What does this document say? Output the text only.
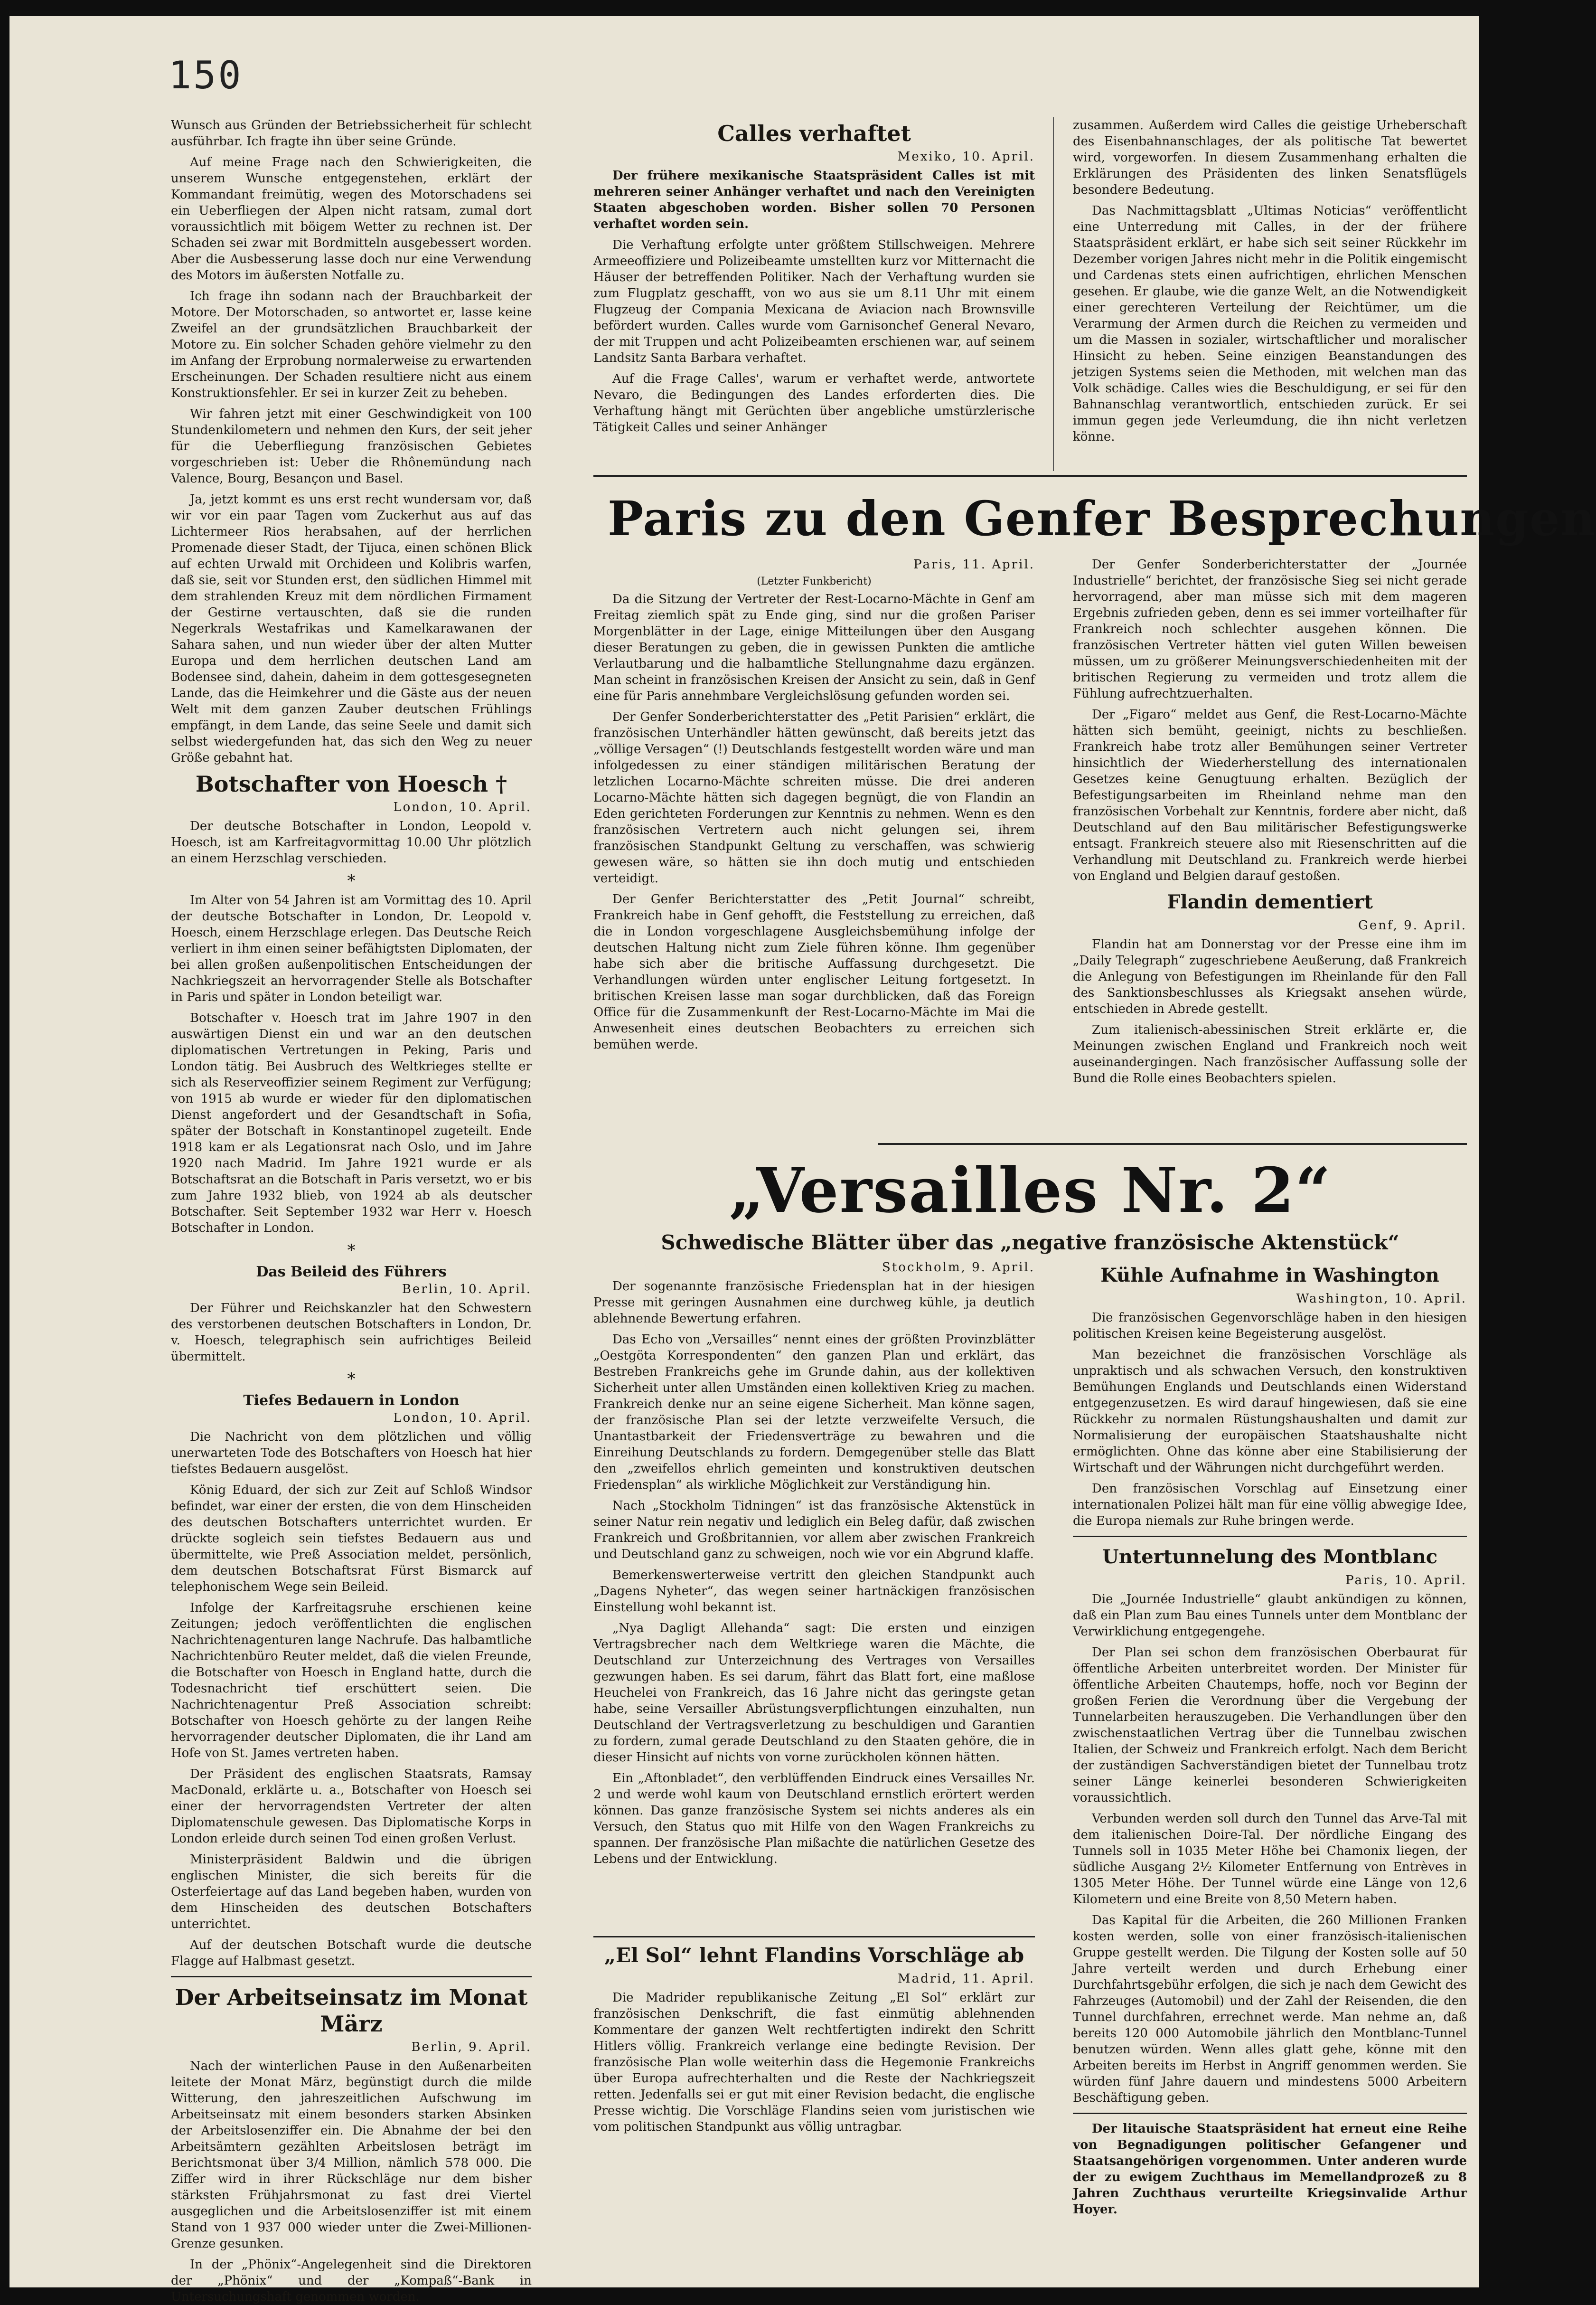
150

Wunsch aus Gründen der Betriebssicherheit für schlecht ausführbar. Ich fragte ihn über seine Gründe.

Auf meine Frage nach den Schwierigkeiten, die unserem Wunsche entgegenstehen, erklärt der Kommandant freimütig, wegen des Motorschadens sei ein Ueberfliegen der Alpen nicht ratsam, zumal dort voraussichtlich mit böigem Wetter zu rechnen ist. Der Schaden sei zwar mit Bordmitteln ausgebessert worden. Aber die Ausbesserung lasse doch nur eine Verwendung des Motors im äußersten Notfalle zu.

Ich frage ihn sodann nach der Brauchbarkeit der Motore. Der Motorschaden, so antwortet er, lasse keine Zweifel an der grundsätzlichen Brauchbarkeit der Motore zu. Ein solcher Schaden gehöre vielmehr zu den im Anfang der Erprobung normalerweise zu erwartenden Erscheinungen. Der Schaden resultiere nicht aus einem Konstruktionsfehler. Er sei in kurzer Zeit zu beheben.

Wir fahren jetzt mit einer Geschwindigkeit von 100 Stundenkilometern und nehmen den Kurs, der seit jeher für die Ueberfliegung französischen Gebietes vorgeschrieben ist: Ueber die Rhônemündung nach Valence, Bourg, Besançon und Basel.

Ja, jetzt kommt es uns erst recht wundersam vor, daß wir vor ein paar Tagen vom Zuckerhut aus auf das Lichtermeer Rios herabsahen, auf der herrlichen Promenade dieser Stadt, der Tijuca, einen schönen Blick auf echten Urwald mit Orchideen und Kolibris warfen, daß sie, seit vor Stunden erst, den südlichen Himmel mit dem strahlenden Kreuz mit dem nördlichen Firmament der Gestirne vertauschten, daß sie die runden Negerkrals Westafrikas und Kamelkarawanen der Sahara sahen, und nun wieder über der alten Mutter Europa und dem herrlichen deutschen Land am Bodensee sind, dahein, daheim in dem gottesgesegneten Lande, das die Heimkehrer und die Gäste aus der neuen Welt mit dem ganzen Zauber deutschen Frühlings empfängt, in dem Lande, das seine Seele und damit sich selbst wiedergefunden hat, das sich den Weg zu neuer Größe gebahnt hat.

Botschafter von Hoesch †
London, 10. April.

Der deutsche Botschafter in London, Leopold v. Hoesch, ist am Karfreitagvormittag 10.00 Uhr plötzlich an einem Herzschlag verschieden.

*

Im Alter von 54 Jahren ist am Vormittag des 10. April der deutsche Botschafter in London, Dr. Leopold v. Hoesch, einem Herzschlage erlegen. Das Deutsche Reich verliert in ihm einen seiner befähigtsten Diplomaten, der bei allen großen außenpolitischen Entscheidungen der Nachkriegszeit an hervorragender Stelle als Botschafter in Paris und später in London beteiligt war.

Botschafter v. Hoesch trat im Jahre 1907 in den auswärtigen Dienst ein und war an den deutschen diplomatischen Vertretungen in Peking, Paris und London tätig. Bei Ausbruch des Weltkrieges stellte er sich als Reserveoffizier seinem Regiment zur Verfügung; von 1915 ab wurde er wieder für den diplomatischen Dienst angefordert und der Gesandtschaft in Sofia, später der Botschaft in Konstantinopel zugeteilt. Ende 1918 kam er als Legationsrat nach Oslo, und im Jahre 1920 nach Madrid. Im Jahre 1921 wurde er als Botschaftsrat an die Botschaft in Paris versetzt, wo er bis zum Jahre 1932 blieb, von 1924 ab als deutscher Botschafter. Seit September 1932 war Herr v. Hoesch Botschafter in London.

*
Das Beileid des Führers
Berlin, 10. April.

Der Führer und Reichskanzler hat den Schwestern des verstorbenen deutschen Botschafters in London, Dr. v. Hoesch, telegraphisch sein aufrichtiges Beileid übermittelt.

*
Tiefes Bedauern in London
London, 10. April.

Die Nachricht von dem plötzlichen und völlig unerwarteten Tode des Botschafters von Hoesch hat hier tiefstes Bedauern ausgelöst.

König Eduard, der sich zur Zeit auf Schloß Windsor befindet, war einer der ersten, die von dem Hinscheiden des deutschen Botschafters unterrichtet wurden. Er drückte sogleich sein tiefstes Bedauern aus und übermittelte, wie Preß Association meldet, persönlich, dem deutschen Botschaftsrat Fürst Bismarck auf telephonischem Wege sein Beileid.

Infolge der Karfreitagsruhe erschienen keine Zeitungen; jedoch veröffentlichten die englischen Nachrichtenagenturen lange Nachrufe. Das halbamtliche Nachrichtenbüro Reuter meldet, daß die vielen Freunde, die Botschafter von Hoesch in England hatte, durch die Todesnachricht tief erschüttert seien. Die Nachrichtenagentur Preß Association schreibt: Botschafter von Hoesch gehörte zu der langen Reihe hervorragender deutscher Diplomaten, die ihr Land am Hofe von St. James vertreten haben.

Der Präsident des englischen Staatsrats, Ramsay MacDonald, erklärte u. a., Botschafter von Hoesch sei einer der hervorragendsten Vertreter der alten Diplomatenschule gewesen. Das Diplomatische Korps in London erleide durch seinen Tod einen großen Verlust.

Ministerpräsident Baldwin und die übrigen englischen Minister, die sich bereits für die Osterfeiertage auf das Land begeben haben, wurden von dem Hinscheiden des deutschen Botschafters unterrichtet.

Auf der deutschen Botschaft wurde die deutsche Flagge auf Halbmast gesetzt.

Der Arbeitseinsatz im Monat März
Berlin, 9. April.

Nach der winterlichen Pause in den Außenarbeiten leitete der Monat März, begünstigt durch die milde Witterung, den jahreszeitlichen Aufschwung im Arbeitseinsatz mit einem besonders starken Absinken der Arbeitslosenziffer ein. Die Abnahme der bei den Arbeitsämtern gezählten Arbeitslosen beträgt im Berichtsmonat über 3/4 Million, nämlich 578 000. Die Ziffer wird in ihrer Rückschläge nur dem bisher stärksten Frühjahrsmonat zu fast drei Viertel ausgeglichen und die Arbeitslosenziffer ist mit einem Stand von 1 937 000 wieder unter die Zwei-Millionen-Grenze gesunken.

In der „Phönix“-Angelegenheit sind die Direktoren der „Phönix“ und der „Kompaß“-Bank in Untersuchungshaft genommen worden.

Calles verhaftet
Mexiko, 10. April.

Der frühere mexikanische Staatspräsident Calles ist mit mehreren seiner Anhänger verhaftet und nach den Vereinigten Staaten abgeschoben worden. Bisher sollen 70 Personen verhaftet worden sein.

Die Verhaftung erfolgte unter größtem Stillschweigen. Mehrere Armeeoffiziere und Polizeibeamte umstellten kurz vor Mitternacht die Häuser der betreffenden Politiker. Nach der Verhaftung wurden sie zum Flugplatz geschafft, von wo aus sie um 8.11 Uhr mit einem Flugzeug der Compania Mexicana de Aviacion nach Brownsville befördert wurden. Calles wurde vom Garnisonchef General Nevaro, der mit Truppen und acht Polizeibeamten erschienen war, auf seinem Landsitz Santa Barbara verhaftet.

Auf die Frage Calles', warum er verhaftet werde, antwortete Nevaro, die Bedingungen des Landes erforderten dies. Die Verhaftung hängt mit Gerüchten über angebliche umstürzlerische Tätigkeit Calles und seiner Anhänger

zusammen. Außerdem wird Calles die geistige Urheberschaft des Eisenbahnanschlages, der als politische Tat bewertet wird, vorgeworfen. In diesem Zusammenhang erhalten die Erklärungen des Präsidenten des linken Senatsflügels besondere Bedeutung.

Das Nachmittagsblatt „Ultimas Noticias“ veröffentlicht eine Unterredung mit Calles, in der der frühere Staatspräsident erklärt, er habe sich seit seiner Rückkehr im Dezember vorigen Jahres nicht mehr in die Politik eingemischt und Cardenas stets einen aufrichtigen, ehrlichen Menschen gesehen. Er glaube, wie die ganze Welt, an die Notwendigkeit einer gerechteren Verteilung der Reichtümer, um die Verarmung der Armen durch die Reichen zu vermeiden und um die Massen in sozialer, wirtschaftlicher und moralischer Hinsicht zu heben. Seine einzigen Beanstandungen des jetzigen Systems seien die Methoden, mit welchen man das Volk schädige. Calles wies die Beschuldigung, er sei für den Bahnanschlag verantwortlich, entschieden zurück. Er sei immun gegen jede Verleumdung, die ihn nicht verletzen könne.

Paris zu den Genfer Besprechungen
Paris, 11. April.
(Letzter Funkbericht)

Da die Sitzung der Vertreter der Rest-Locarno-Mächte in Genf am Freitag ziemlich spät zu Ende ging, sind nur die großen Pariser Morgenblätter in der Lage, einige Mitteilungen über den Ausgang dieser Beratungen zu geben, die in gewissen Punkten die amtliche Verlautbarung und die halbamtliche Stellungnahme dazu ergänzen. Man scheint in französischen Kreisen der Ansicht zu sein, daß in Genf eine für Paris annehmbare Vergleichslösung gefunden worden sei.

Der Genfer Sonderberichterstatter des „Petit Parisien“ erklärt, die französischen Unterhändler hätten gewünscht, daß bereits jetzt das „völlige Versagen“ (!) Deutschlands festgestellt worden wäre und man infolgedessen zu einer ständigen militärischen Beratung der letzlichen Locarno-Mächte schreiten müsse. Die drei anderen Locarno-Mächte hätten sich dagegen begnügt, die von Flandin an Eden gerichteten Forderungen zur Kenntnis zu nehmen. Wenn es den französischen Vertretern auch nicht gelungen sei, ihrem französischen Standpunkt Geltung zu verschaffen, was schwierig gewesen wäre, so hätten sie ihn doch mutig und entschieden verteidigt.

Der Genfer Berichterstatter des „Petit Journal“ schreibt, Frankreich habe in Genf gehofft, die Feststellung zu erreichen, daß die in London vorgeschlagene Ausgleichsbemühung infolge der deutschen Haltung nicht zum Ziele führen könne. Ihm gegenüber habe sich aber die britische Auffassung durchgesetzt. Die Verhandlungen würden unter englischer Leitung fortgesetzt. In britischen Kreisen lasse man sogar durchblicken, daß das Foreign Office für die Zusammenkunft der Rest-Locarno-Mächte im Mai die Anwesenheit eines deutschen Beobachters zu erreichen sich bemühen werde.

Der Genfer Sonderberichterstatter der „Journée Industrielle“ berichtet, der französische Sieg sei nicht gerade hervorragend, aber man müsse sich mit dem mageren Ergebnis zufrieden geben, denn es sei immer vorteilhafter für Frankreich noch schlechter ausgehen können. Die französischen Vertreter hätten viel guten Willen beweisen müssen, um zu größerer Meinungsverschiedenheiten mit der britischen Regierung zu vermeiden und trotz allem die Fühlung aufrechtzuerhalten.

Der „Figaro“ meldet aus Genf, die Rest-Locarno-Mächte hätten sich bemüht, geeinigt, nichts zu beschließen. Frankreich habe trotz aller Bemühungen seiner Vertreter hinsichtlich der Wiederherstellung des internationalen Gesetzes keine Genugtuung erhalten. Bezüglich der Befestigungsarbeiten im Rheinland nehme man den französischen Vorbehalt zur Kenntnis, fordere aber nicht, daß Deutschland auf den Bau militärischer Befestigungswerke entsagt. Frankreich steuere also mit Riesenschritten auf die Verhandlung mit Deutschland zu. Frankreich werde hierbei von England und Belgien darauf gestoßen.

Flandin dementiert
Genf, 9. April.

Flandin hat am Donnerstag vor der Presse eine ihm im „Daily Telegraph“ zugeschriebene Aeußerung, daß Frankreich die Anlegung von Befestigungen im Rheinlande für den Fall des Sanktionsbeschlusses als Kriegsakt ansehen würde, entschieden in Abrede gestellt.

Zum italienisch-abessinischen Streit erklärte er, die Meinungen zwischen England und Frankreich noch weit auseinandergingen. Nach französischer Auffassung solle der Bund die Rolle eines Beobachters spielen.

„Versailles Nr. 2“
Schwedische Blätter über das „negative französische Aktenstück“
Stockholm, 9. April.

Der sogenannte französische Friedensplan hat in der hiesigen Presse mit geringen Ausnahmen eine durchweg kühle, ja deutlich ablehnende Bewertung erfahren.

Das Echo von „Versailles“ nennt eines der größten Provinzblätter „Oestgöta Korrespondenten“ den ganzen Plan und erklärt, das Bestreben Frankreichs gehe im Grunde dahin, aus der kollektiven Sicherheit unter allen Umständen einen kollektiven Krieg zu machen. Frankreich denke nur an seine eigene Sicherheit. Man könne sagen, der französische Plan sei der letzte verzweifelte Versuch, die Unantastbarkeit der Friedensverträge zu bewahren und die Einreihung Deutschlands zu fordern. Demgegenüber stelle das Blatt den „zweifellos ehrlich gemeinten und konstruktiven deutschen Friedensplan“ als wirkliche Möglichkeit zur Verständigung hin.

Nach „Stockholm Tidningen“ ist das französische Aktenstück in seiner Natur rein negativ und lediglich ein Beleg dafür, daß zwischen Frankreich und Großbritannien, vor allem aber zwischen Frankreich und Deutschland ganz zu schweigen, noch wie vor ein Abgrund klaffe.

Bemerkenswerterweise vertritt den gleichen Standpunkt auch „Dagens Nyheter“, das wegen seiner hartnäckigen französischen Einstellung wohl bekannt ist.

„Nya Dagligt Allehanda“ sagt: Die ersten und einzigen Vertragsbrecher nach dem Weltkriege waren die Mächte, die Deutschland zur Unterzeichnung des Vertrages von Versailles gezwungen haben. Es sei darum, fährt das Blatt fort, eine maßlose Heuchelei von Frankreich, das 16 Jahre nicht das geringste getan habe, seine Versailler Abrüstungsverpflichtungen einzuhalten, nun Deutschland der Vertragsverletzung zu beschuldigen und Garantien zu fordern, zumal gerade Deutschland zu den Staaten gehöre, die in dieser Hinsicht auf nichts von vorne zurückholen können hätten.

Ein „Aftonbladet“, den verblüffenden Eindruck eines Versailles Nr. 2 und werde wohl kaum von Deutschland ernstlich erörtert werden können. Das ganze französische System sei nichts anderes als ein Versuch, den Status quo mit Hilfe von den Wagen Frankreichs zu spannen. Der französische Plan mißachte die natürlichen Gesetze des Lebens und der Entwicklung.

„El Sol“ lehnt Flandins Vorschläge ab
Madrid, 11. April.

Die Madrider republikanische Zeitung „El Sol“ erklärt zur französischen Denkschrift, die fast einmütig ablehnenden Kommentare der ganzen Welt rechtfertigten indirekt den Schritt Hitlers völlig. Frankreich verlange eine bedingte Revision. Der französische Plan wolle weiterhin dass die Hegemonie Frankreichs über Europa aufrechterhalten und die Reste der Nachkriegszeit retten. Jedenfalls sei er gut mit einer Revision bedacht, die englische Presse wichtig. Die Vorschläge Flandins seien vom juristischen wie vom politischen Standpunkt aus völlig untragbar.

Kühle Aufnahme in Washington
Washington, 10. April.

Die französischen Gegenvorschläge haben in den hiesigen politischen Kreisen keine Begeisterung ausgelöst.

Man bezeichnet die französischen Vorschläge als unpraktisch und als schwachen Versuch, den konstruktiven Bemühungen Englands und Deutschlands einen Widerstand entgegenzusetzen. Es wird darauf hingewiesen, daß sie eine Rückkehr zu normalen Rüstungshaushalten und damit zur Normalisierung der europäischen Staatshaushalte nicht ermöglichten. Ohne das könne aber eine Stabilisierung der Wirtschaft und der Währungen nicht durchgeführt werden.

Den französischen Vorschlag auf Einsetzung einer internationalen Polizei hält man für eine völlig abwegige Idee, die Europa niemals zur Ruhe bringen werde.

Untertunnelung des Montblanc
Paris, 10. April.

Die „Journée Industrielle“ glaubt ankündigen zu können, daß ein Plan zum Bau eines Tunnels unter dem Montblanc der Verwirklichung entgegengehe.

Der Plan sei schon dem französischen Oberbaurat für öffentliche Arbeiten unterbreitet worden. Der Minister für öffentliche Arbeiten Chautemps, hoffe, noch vor Beginn der großen Ferien die Verordnung über die Vergebung der Tunnelarbeiten herauszugeben. Die Verhandlungen über den zwischenstaatlichen Vertrag über die Tunnelbau zwischen Italien, der Schweiz und Frankreich erfolgt. Nach dem Bericht der zuständigen Sachverständigen bietet der Tunnelbau trotz seiner Länge keinerlei besonderen Schwierigkeiten voraussichtlich.

Verbunden werden soll durch den Tunnel das Arve-Tal mit dem italienischen Doire-Tal. Der nördliche Eingang des Tunnels soll in 1035 Meter Höhe bei Chamonix liegen, der südliche Ausgang 2½ Kilometer Entfernung von Entrèves in 1305 Meter Höhe. Der Tunnel würde eine Länge von 12,6 Kilometern und eine Breite von 8,50 Metern haben.

Das Kapital für die Arbeiten, die 260 Millionen Franken kosten werden, solle von einer französisch-italienischen Gruppe gestellt werden. Die Tilgung der Kosten solle auf 50 Jahre verteilt werden und durch Erhebung einer Durchfahrtsgebühr erfolgen, die sich je nach dem Gewicht des Fahrzeuges (Automobil) und der Zahl der Reisenden, die den Tunnel durchfahren, errechnet werde. Man nehme an, daß bereits 120 000 Automobile jährlich den Montblanc-Tunnel benutzen würden. Wenn alles glatt gehe, könne mit den Arbeiten bereits im Herbst in Angriff genommen werden. Sie würden fünf Jahre dauern und mindestens 5000 Arbeitern Beschäftigung geben.

Der litauische Staatspräsident hat erneut eine Reihe von Begnadigungen politischer Gefangener und Staatsangehörigen vorgenommen. Unter anderen wurde der zu ewigem Zuchthaus im Memellandprozeß zu 8 Jahren Zuchthaus verurteilte Kriegsinvalide Arthur Hoyer.
